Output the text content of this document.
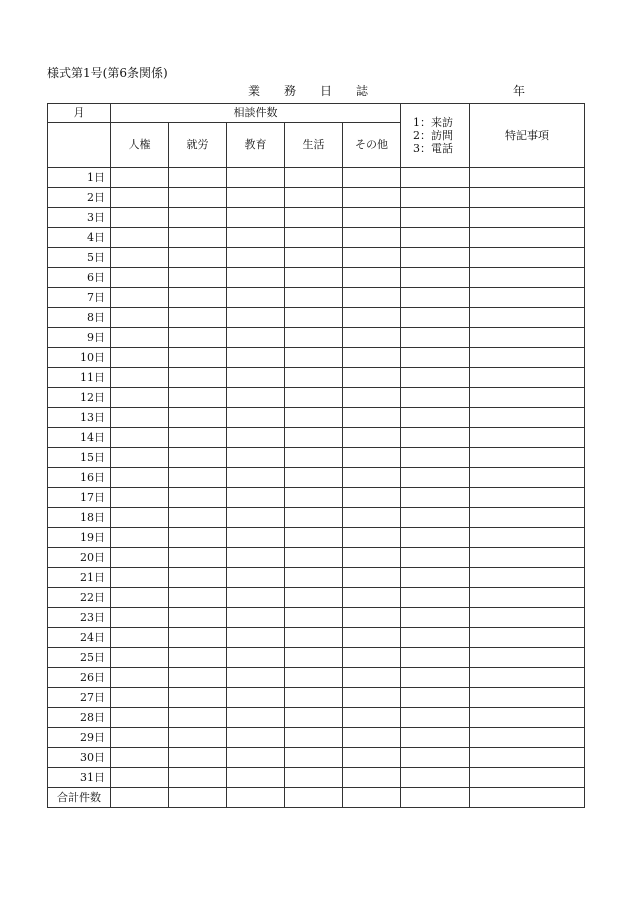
様式第1号(第6条関係)
業　　務　　日　　誌	年
月	相談件数					1：来訪
2：訪問
3：電話	特記事項
	人権	就労	教育	生活	その他		
1日							
2日							
3日							
4日							
5日							
6日							
7日							
8日							
9日							
10日							
11日							
12日							
13日							
14日							
15日							
16日							
17日							
18日							
19日							
20日							
21日							
22日							
23日							
24日							
25日							
26日							
27日							
28日							
29日							
30日							
31日							
合計件数							
